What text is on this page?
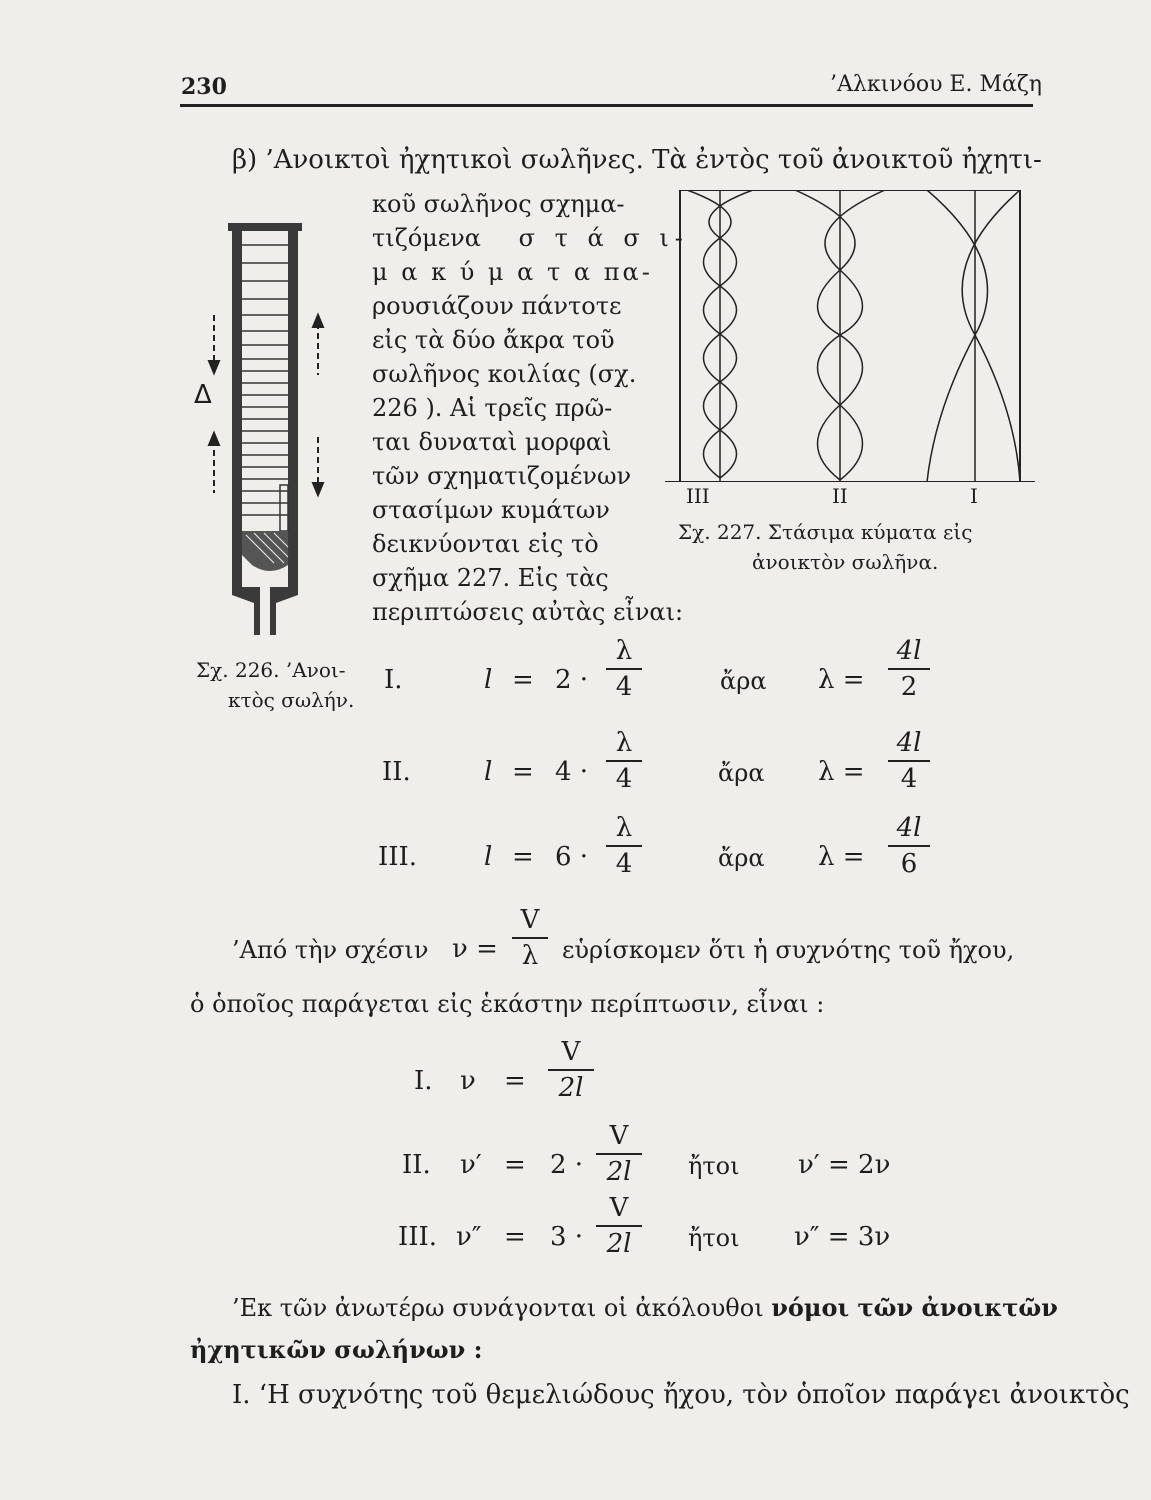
230	’Αλκινόου Ε. Μάζη
β) ’Ανοικτοὶ ἠχητικοὶ σωλῆνες. Τὰ ἐντὸς τοῦ ἀνοικτοῦ ἠχητι-
κοῦ σωλῆνος σχημα-
τιζόμενα σ τ ά σ ι-
μ α κ ύ μ α τ α πα-
ρουσιάζουν πάντοτε
εἰς τὰ δύο ἄκρα τοῦ
σωλῆνος κοιλίας (σχ.
226 ). Αἱ τρεῖς πρῶ-
ται δυναταὶ μορφαὶ
τῶν σχηματιζομένων
στασίμων κυμάτων
δεικνύονται εἰς τὸ
σχῆμα 227. Εἰς τὰς
περιπτώσεις αὐτὰς εἶναι:
Δ
Σχ. 226. ’Ανοι-
κτὸς σωλήν.
III	II	I
Σχ. 227. Στάσιμα κύματα εἰς
ἀνοικτὸν σωλῆνα.
I.	l = 2 ·
λ
4	ἄρα λ =
4l
2
II.	l = 4 ·
λ
4	ἄρα λ =
4l
4
III.	l = 6 ·
λ
4	ἄρα λ =
4l
6
’Από τὴν σχέσιν ν =
V
λ εὑρίσκομεν ὅτι ἡ συχνότης τοῦ ἤχου,
ὁ ὁποῖος παράγεται εἰς ἑκάστην περίπτωσιν, εἶναι :
I. ν =
V
2l
II. ν′ = 2 ·
V
2l	ἤτοι ν′ = 2ν
III. ν″ = 3 ·
V
2l	ἤτοι ν″ = 3ν
’Εκ τῶν ἀνωτέρω συνάγονται οἱ ἀκόλουθοι νόμοι τῶν ἀνοικτῶν
ἠχητικῶν σωλήνων :
Ι. ‘Η συχνότης τοῦ θεμελιώδους ἤχου, τὸν ὁποῖον παράγει ἀνοικτὸς
